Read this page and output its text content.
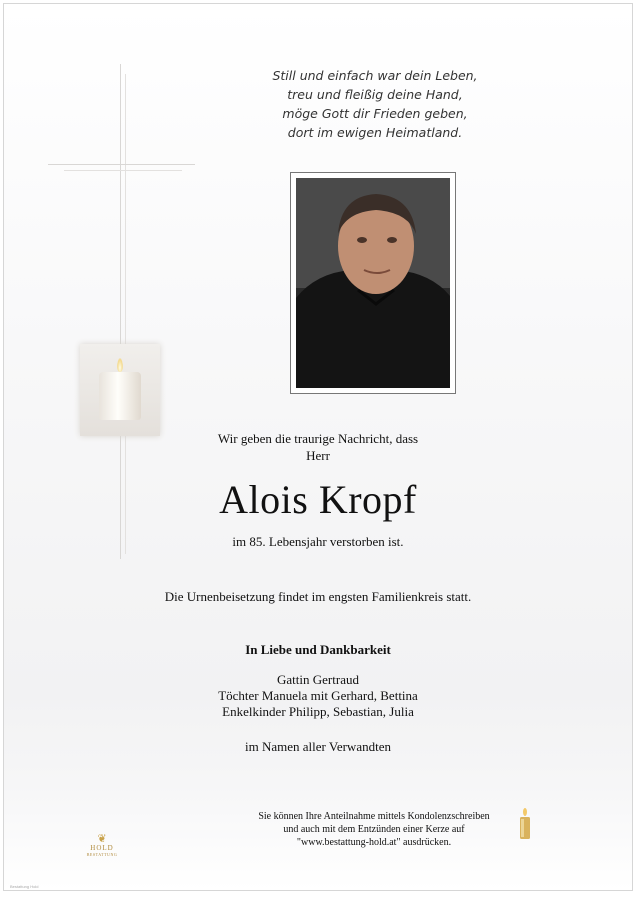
Still und einfach war dein Leben,
treu und fleißig deine Hand,
möge Gott dir Frieden geben,
dort im ewigen Heimatland.
Wir geben die traurige Nachricht, dass
Herr
Alois Kropf
im 85. Lebensjahr verstorben ist.
Die Urnenbeisetzung findet im engsten Familienkreis statt.
In Liebe und Dankbarkeit
Gattin Gertraud
Töchter Manuela mit Gerhard, Bettina
Enkelkinder Philipp, Sebastian, Julia
im Namen aller Verwandten
Sie können Ihre Anteilnahme mittels Kondolenzschreiben
und auch mit dem Entzünden einer Kerze auf
"www.bestattung-hold.at" ausdrücken.
❦
HOLD
BESTATTUNG
Bestattung Hold
